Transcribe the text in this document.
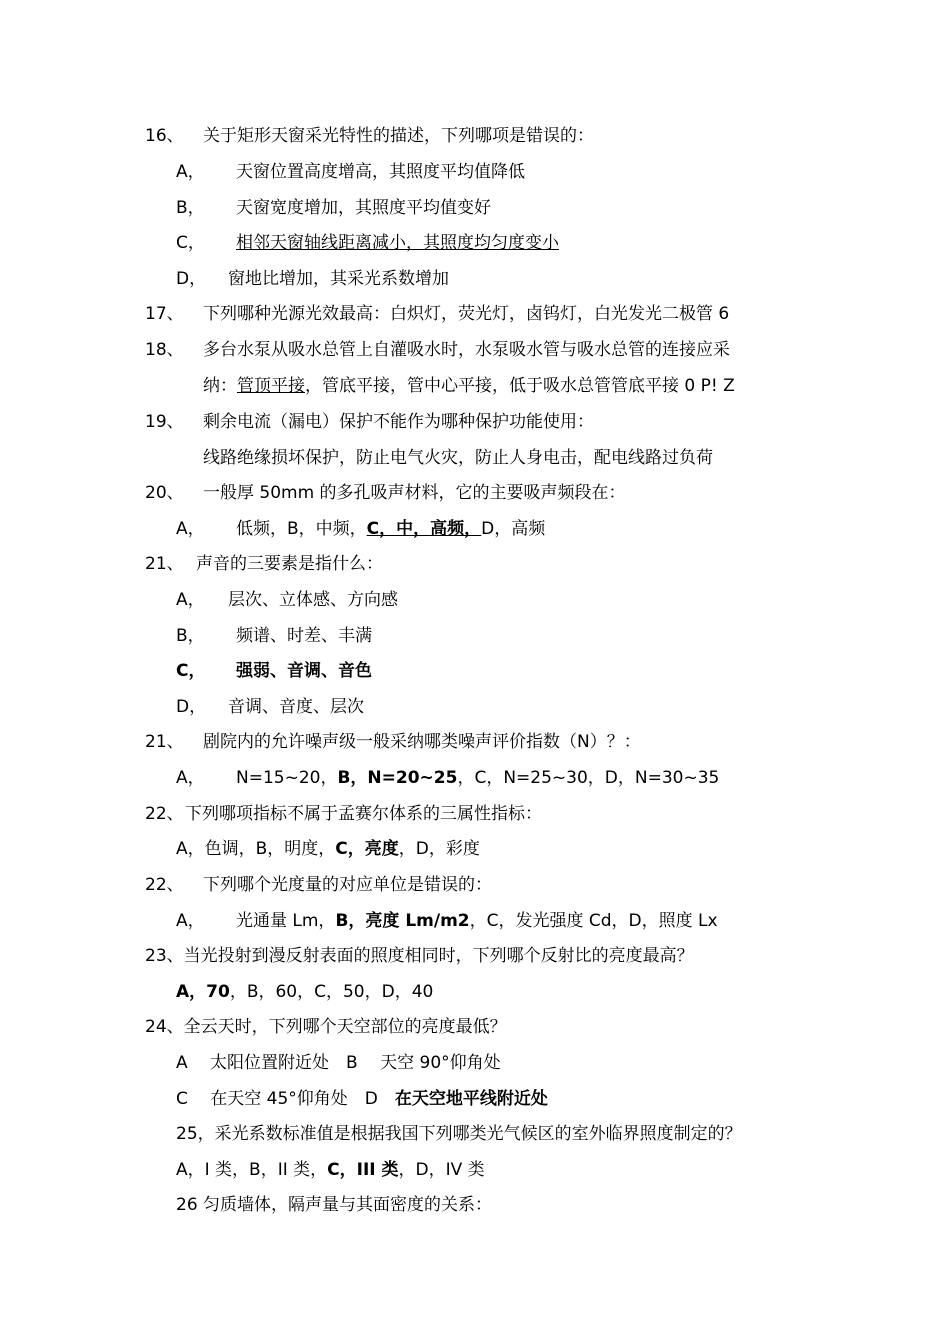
16、 关于矩形天窗采光特性的描述，下列哪项是错误的：
A， 天窗位置高度增高，其照度平均值降低
B， 天窗宽度增加，其照度平均值变好
C， 相邻天窗轴线距离减小，其照度均匀度变小
D， 窗地比增加，其采光系数增加
17、 下列哪种光源光效最高：白炽灯，荧光灯，卤钨灯，白光发光二极管 6
18、 多台水泵从吸水总管上自灌吸水时，水泵吸水管与吸水总管的连接应采
纳：管顶平接，管底平接，管中心平接，低于吸水总管管底平接 0 P! Z
19、 剩余电流（漏电）保护不能作为哪种保护功能使用：
线路绝缘损坏保护，防止电气火灾，防止人身电击，配电线路过负荷
20、 一般厚 50mm 的多孔吸声材料，它的主要吸声频段在：
A， 低频，B，中频，C，中，高频，D，高频
21、 声音的三要素是指什么：
A， 层次、立体感、方向感
B， 频谱、时差、丰满
C， 强弱、音调、音色
D， 音调、音度、层次
21、 剧院内的允许噪声级一般采纳哪类噪声评价指数（N）？：
A， N=15~20，B，N=20~25，C，N=25~30，D，N=30~35
22、 下列哪项指标不属于孟赛尔体系的三属性指标：
A，色调，B，明度，C，亮度，D，彩度
22、 下列哪个光度量的对应单位是错误的：
A， 光通量 Lm，B，亮度 Lm/m2，C，发光强度 Cd，D，照度 Lx
23、当光投射到漫反射表面的照度相同时，下列哪个反射比的亮度最高？
A，70，B，60，C，50，D，40
24、全云天时，下列哪个天空部位的亮度最低？
A　 太阳位置附近处　B　 天空 90°仰角处
C　 在天空 45°仰角处　D　在天空地平线附近处
25，采光系数标准值是根据我国下列哪类光气候区的室外临界照度制定的？
A，I 类，B，II 类，C，III 类，D，IV 类
26 匀质墙体，隔声量与其面密度的关系：
